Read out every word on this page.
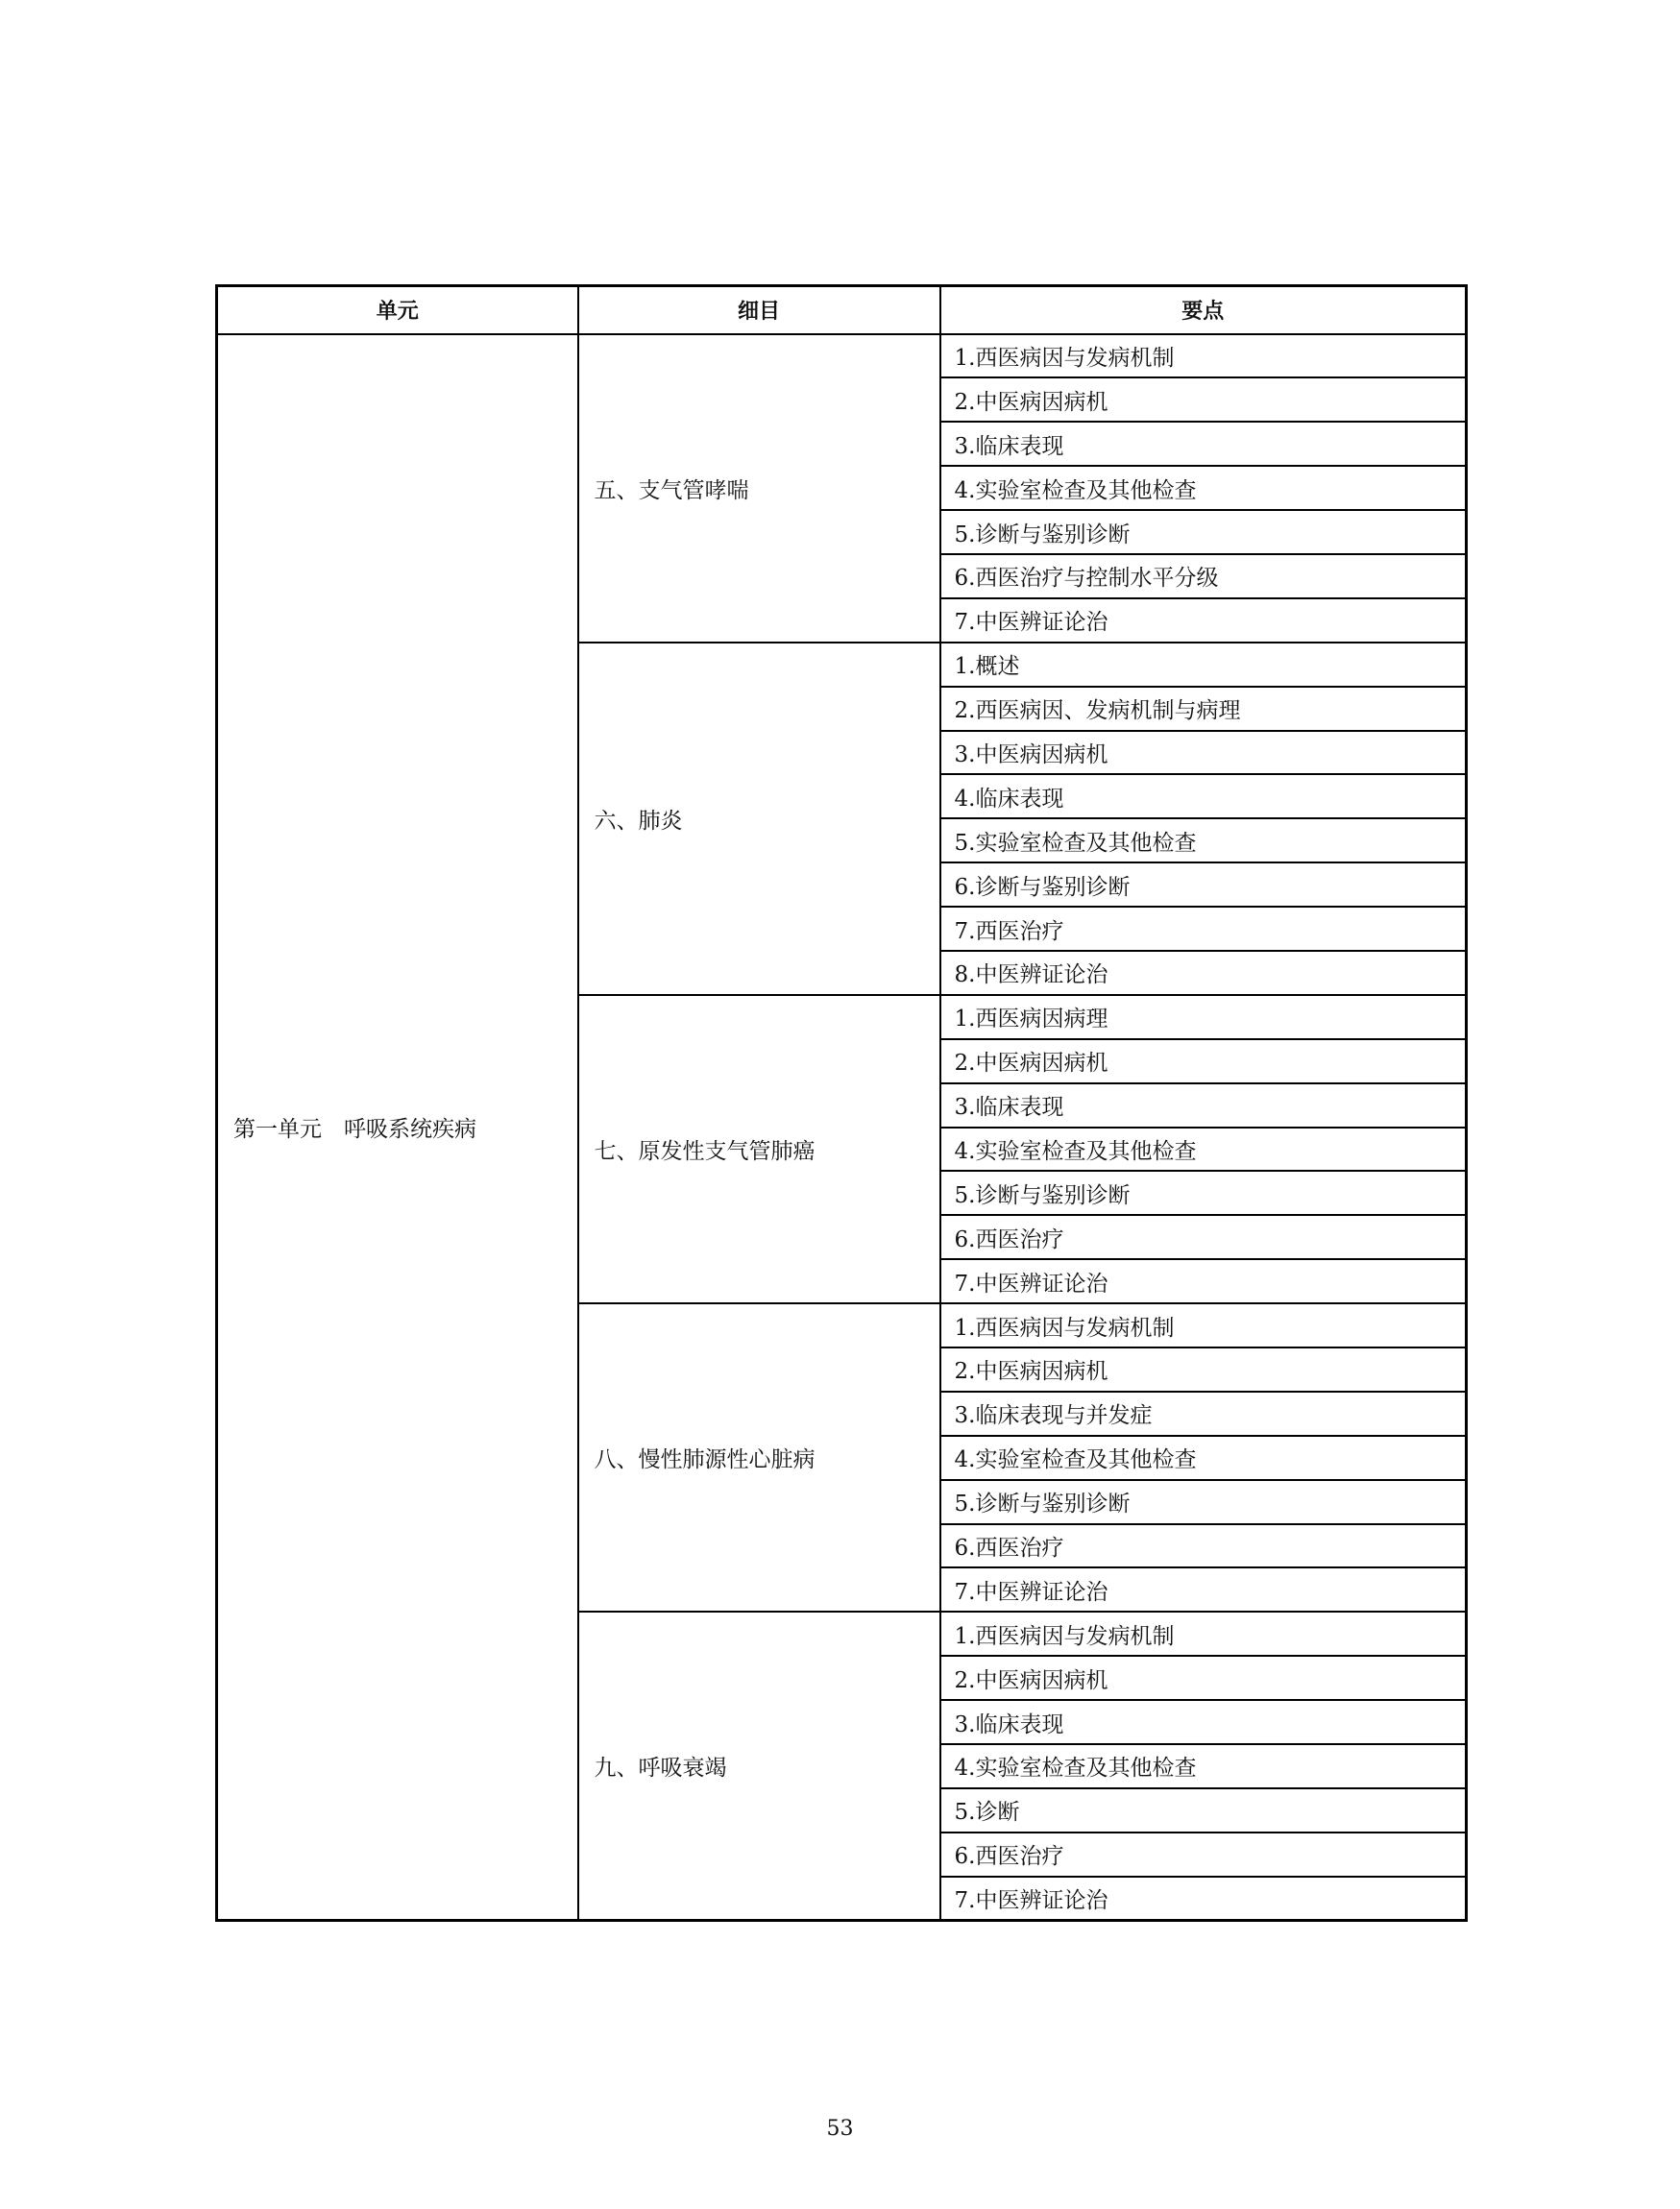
单元	细目	要点
第一单元　呼吸系统疾病	五、支气管哮喘	1.西医病因与发病机制
		2.中医病因病机
		3.临床表现
		4.实验室检查及其他检查
		5.诊断与鉴别诊断
		6.西医治疗与控制水平分级
		7.中医辨证论治
	六、肺炎	1.概述
		2.西医病因、发病机制与病理
		3.中医病因病机
		4.临床表现
		5.实验室检查及其他检查
		6.诊断与鉴别诊断
		7.西医治疗
		8.中医辨证论治
	七、原发性支气管肺癌	1.西医病因病理
		2.中医病因病机
		3.临床表现
		4.实验室检查及其他检查
		5.诊断与鉴别诊断
		6.西医治疗
		7.中医辨证论治
	八、慢性肺源性心脏病	1.西医病因与发病机制
		2.中医病因病机
		3.临床表现与并发症
		4.实验室检查及其他检查
		5.诊断与鉴别诊断
		6.西医治疗
		7.中医辨证论治
	九、呼吸衰竭	1.西医病因与发病机制
		2.中医病因病机
		3.临床表现
		4.实验室检查及其他检查
		5.诊断
		6.西医治疗
		7.中医辨证论治
53
